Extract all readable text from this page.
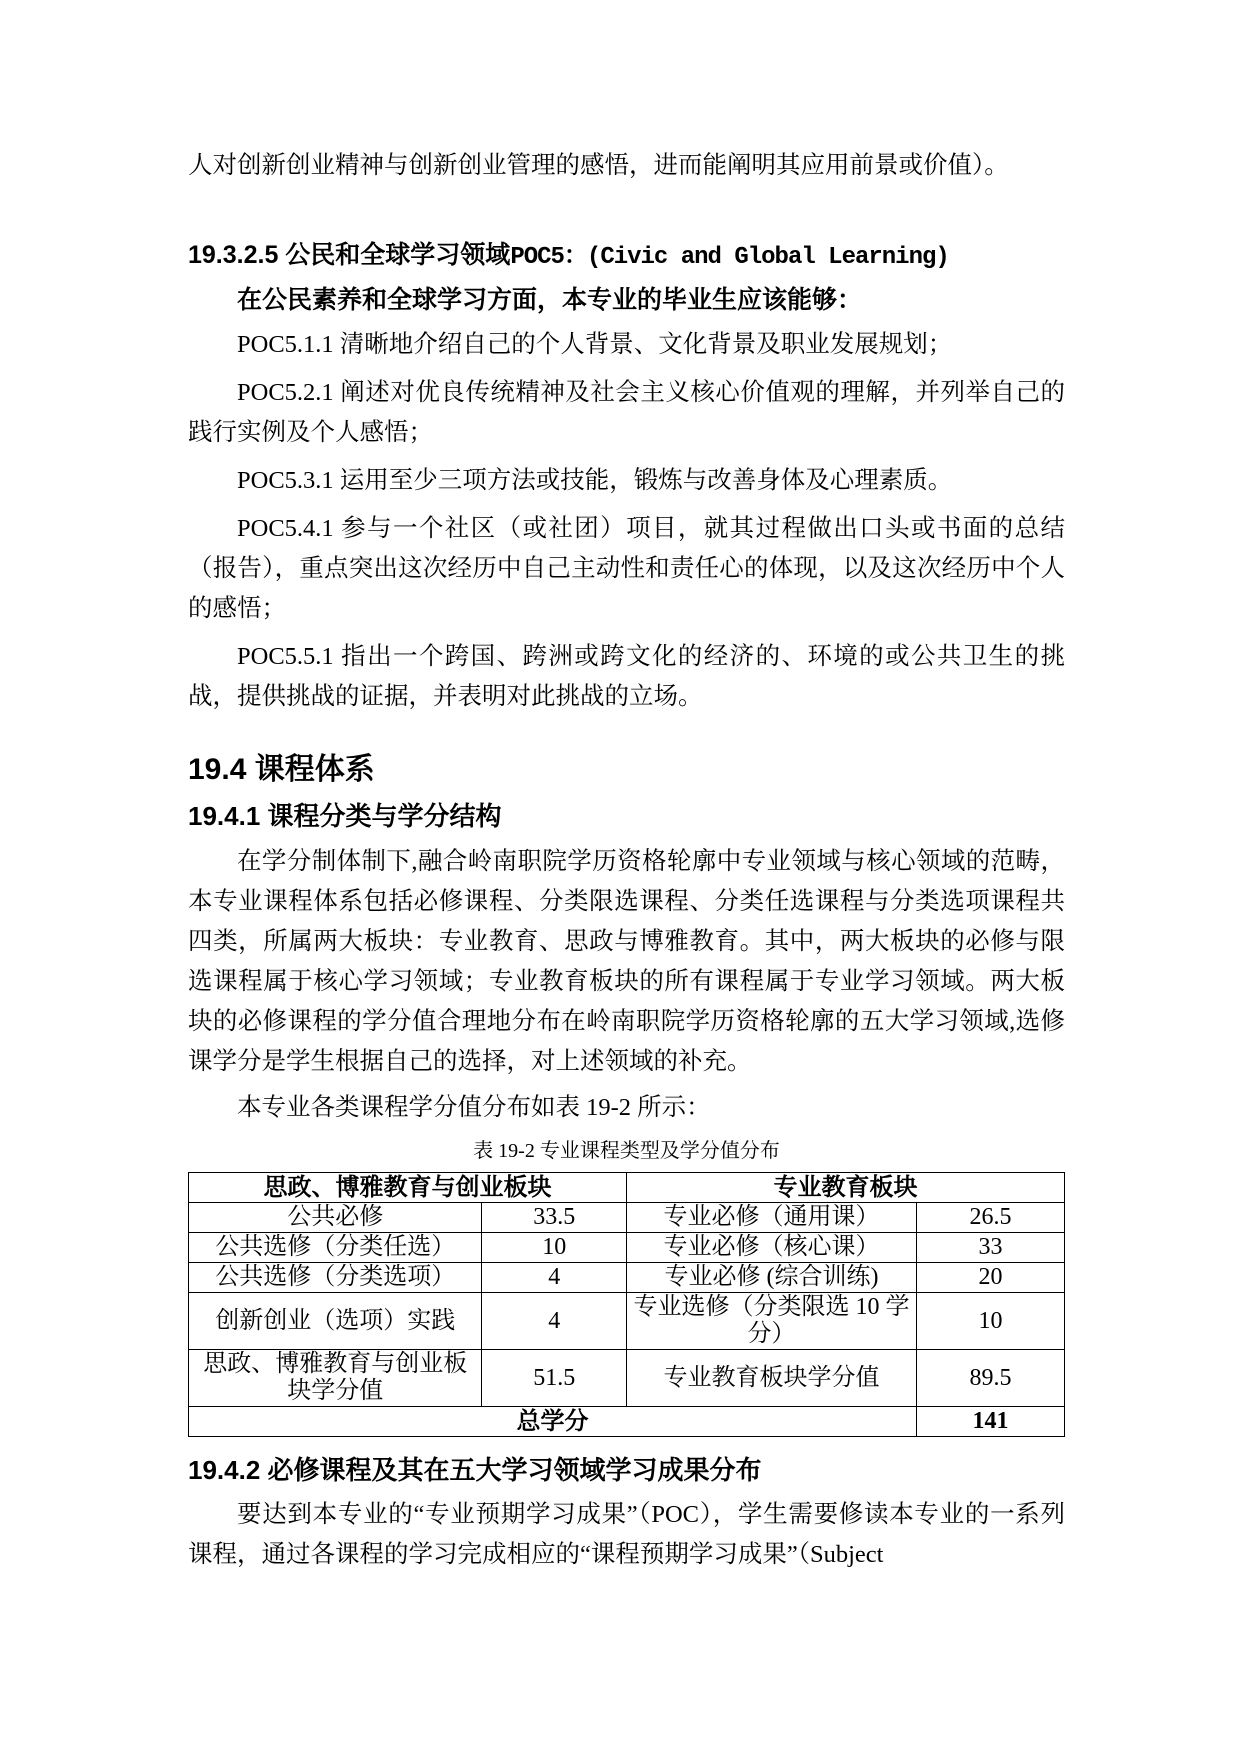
人对创新创业精神与创新创业管理的感悟，进而能阐明其应用前景或价值）。

19.3.2.5 公民和全球学习领域POC5：(Civic and Global Learning)

在公民素养和全球学习方面，本专业的毕业生应该能够：

POC5.1.1 清晰地介绍自己的个人背景、文化背景及职业发展规划；

POC5.2.1 阐述对优良传统精神及社会主义核心价值观的理解，并列举自己的践行实例及个人感悟；

POC5.3.1 运用至少三项方法或技能，锻炼与改善身体及心理素质。

POC5.4.1 参与一个社区（或社团）项目，就其过程做出口头或书面的总结（报告），重点突出这次经历中自己主动性和责任心的体现，以及这次经历中个人的感悟；

POC5.5.1 指出一个跨国、跨洲或跨文化的经济的、环境的或公共卫生的挑战，提供挑战的证据，并表明对此挑战的立场。

19.4 课程体系
19.4.1 课程分类与学分结构

在学分制体制下,融合岭南职院学历资格轮廓中专业领域与核心领域的范畴，本专业课程体系包括必修课程、分类限选课程、分类任选课程与分类选项课程共四类，所属两大板块：专业教育、思政与博雅教育。其中，两大板块的必修与限选课程属于核心学习领域；专业教育板块的所有课程属于专业学习领域。两大板块的必修课程的学分值合理地分布在岭南职院学历资格轮廓的五大学习领域,选修课学分是学生根据自己的选择，对上述领域的补充。

本专业各类课程学分值分布如表 19-2 所示：

表 19-2 专业课程类型及学分值分布

思政、博雅教育与创业板块		专业教育板块	
公共必修	33.5	专业必修（通用课）	26.5
公共选修（分类任选）	10	专业必修（核心课）	33
公共选修（分类选项）	4	专业必修 (综合训练)	20
创新创业（选项）实践	4	专业选修（分类限选 10 学分）	10
思政、博雅教育与创业板块学分值	51.5	专业教育板块学分值	89.5
总学分			141
19.4.2 必修课程及其在五大学习领域学习成果分布

要达到本专业的“专业预期学习成果”（POC），学生需要修读本专业的一系列课程，通过各课程的学习完成相应的“课程预期学习成果”（Subject
